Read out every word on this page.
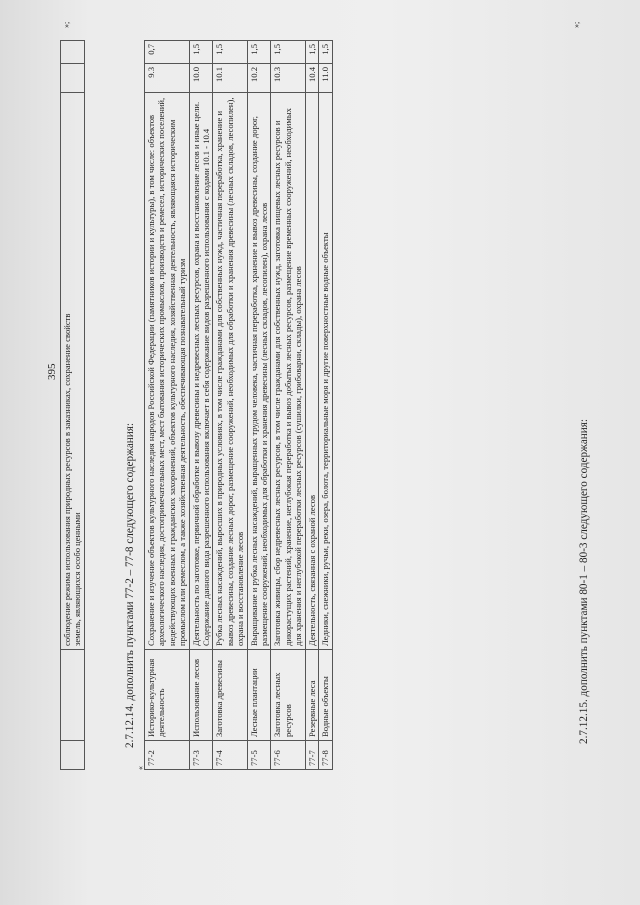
395
		соблюдение режима использования природных ресурсов в заказниках, сохранение свойств земель, являющихся особо ценными

»;
«
2.7.12.14. дополнить пунктами 77-2 – 77-8 следующего содержания:
77-2	Историко-культурная деятельность	Сохранение и изучение объектов культурного наследия народов Российской Федерации (памятников истории и культуры), в том числе: объектов археологического наследия, достопримечательных мест, мест бытования исторических промыслов, производств и ремесел, исторических поселений, недействующих военных и гражданских захоронений, объектов культурного наследия, хозяйственная деятельность, являющаяся историческим промыслом или ремеслом, а также хозяйственная деятельность, обеспечивающая познавательный туризм	9.3	0,7
77-3	Использование лесов	Деятельность по заготовке, первичной обработке и вывозу древесины и недревесных лесных ресурсов, охрана и восстановление лесов и иные цели. Содержание данного вида разрешенного использования включает в себя содержание видов разрешенного использования с кодами 10.1 - 10.4	10.0	1,5
77-4	Заготовка древесины	Рубка лесных насаждений, выросших в природных условиях, в том числе гражданами для собственных нужд, частичная переработка, хранение и вывоз древесины, создание лесных дорог, размещение сооружений, необходимых для обработки и хранения древесины (лесных складов, лесопилен), охрана и восстановление лесов	10.1	1,5
77-5	Лесные плантации	Выращивание и рубка лесных насаждений, выращенных трудом человека, частичная переработка, хранение и вывоз древесины, создание дорог, размещение сооружений, необходимых для обработки и хранения древесины (лесных складов, лесопилен), охрана лесов	10.2	1,5
77-6	Заготовка лесных ресурсов	Заготовка живицы, сбор недревесных лесных ресурсов, в том числе гражданами для собственных нужд, заготовка пищевых лесных ресурсов и дикорастущих растений, хранение, неглубокая переработка и вывоз добытых лесных ресурсов, размещение временных сооружений, необходимых для хранения и неглубокой переработки лесных ресурсов (сушилки, грибоварни, склады), охрана лесов	10.3	1,5
77-7	Резервные леса	Деятельность, связанная с охраной лесов	10.4	1,5
77-8	Водные объекты	Ледники, снежники, ручьи, реки, озера, болота, территориальные моря и другие поверхностные водные объекты	11.0	1,5
»;
2.7.12.15. дополнить пунктами 80-1 – 80-3 следующего содержания:
